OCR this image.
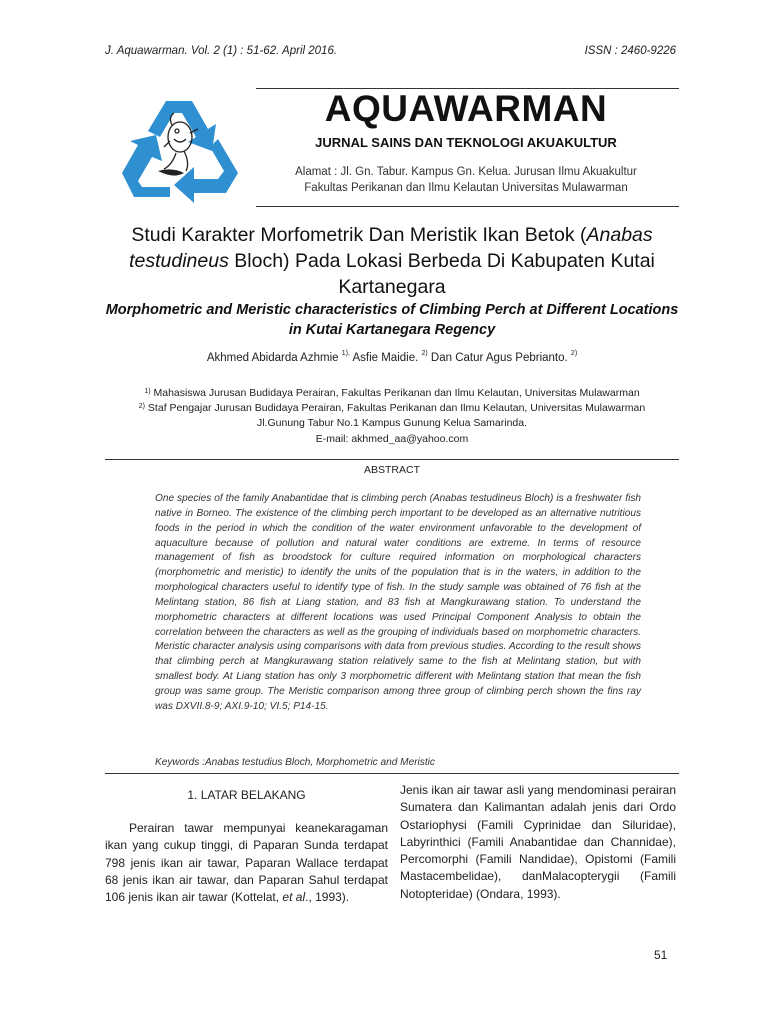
J. Aquawarman. Vol. 2 (1) : 51-62. April 2016.	ISSN : 2460-9226
AQUAWARMAN
JURNAL SAINS DAN TEKNOLOGI AKUAKULTUR
Alamat : Jl. Gn. Tabur. Kampus Gn. Kelua. Jurusan Ilmu Akuakultur
Fakultas Perikanan dan Ilmu Kelautan Universitas Mulawarman
Studi Karakter Morfometrik Dan Meristik Ikan Betok (Anabas testudineus Bloch) Pada Lokasi Berbeda Di Kabupaten Kutai Kartanegara
Morphometric and Meristic characteristics of Climbing Perch at Different Locations in Kutai Kartanegara Regency
Akhmed Abidarda Azhmie $^{1),}$ Asfie Maidie. $^{2)}$ Dan Catur Agus Pebrianto. $^{2)}$
$^{1)}$ Mahasiswa Jurusan Budidaya Perairan, Fakultas Perikanan dan Ilmu Kelautan, Universitas Mulawarman
$^{2)}$ Staf Pengajar Jurusan Budidaya Perairan, Fakultas Perikanan dan Ilmu Kelautan, Universitas Mulawarman
Jl.Gunung Tabur No.1 Kampus Gunung Kelua Samarinda.
E-mail: akhmed_aa@yahoo.com
ABSTRACT
One species of the family Anabantidae that is climbing perch (Anabas testudineus Bloch) is a freshwater fish native in Borneo. The existence of the climbing perch important to be developed as an alternative nutritious foods in the period in which the condition of the water environment unfavorable to the development of aquaculture because of pollution and natural water conditions are extreme. In terms of resource management of fish as broodstock for culture required information on morphological characters (morphometric and meristic) to identify the units of the population that is in the waters, in addition to the morphological characters useful to identify type of fish. In the study sample was obtained of 76 fish at the Melintang station, 86 fish at Liang station, and 83 fish at Mangkurawang station. To understand the morphometric characters at different locations was used Principal Component Analysis to obtain the correlation between the characters as well as the grouping of individuals based on morphometric characters. Meristic character analysis using comparisons with data from previous studies. According to the result shows that climbing perch at Mangkurawang station relatively same to the fish at Melintang station, but with smallest body. At Liang station has only 3 morphometric different with Melintang station that mean the fish group was same group. The Meristic comparison among three group of climbing perch shown the fins ray was DXVII.8-9; AXI.9-10; VI.5; P14-15.
Keywords :Anabas testudius Bloch, Morphometric and Meristic
1. LATAR BELAKANG
Perairan tawar mempunyai keanekaragaman ikan yang cukup tinggi, di Paparan Sunda terdapat 798 jenis ikan air tawar, Paparan Wallace terdapat 68 jenis ikan air tawar, dan Paparan Sahul terdapat 106 jenis ikan air tawar (Kottelat, et al., 1993).
Jenis ikan air tawar asli yang mendominasi perairan Sumatera dan Kalimantan adalah jenis dari Ordo Ostariophysi (Famili Cyprinidae dan Siluridae), Labyrinthici (Famili Anabantidae dan Channidae), Percomorphi (Famili Nandidae), Opistomi (Famili Mastacembelidae), danMalacopterygii (Famili Notopteridae) (Ondara, 1993).
51
